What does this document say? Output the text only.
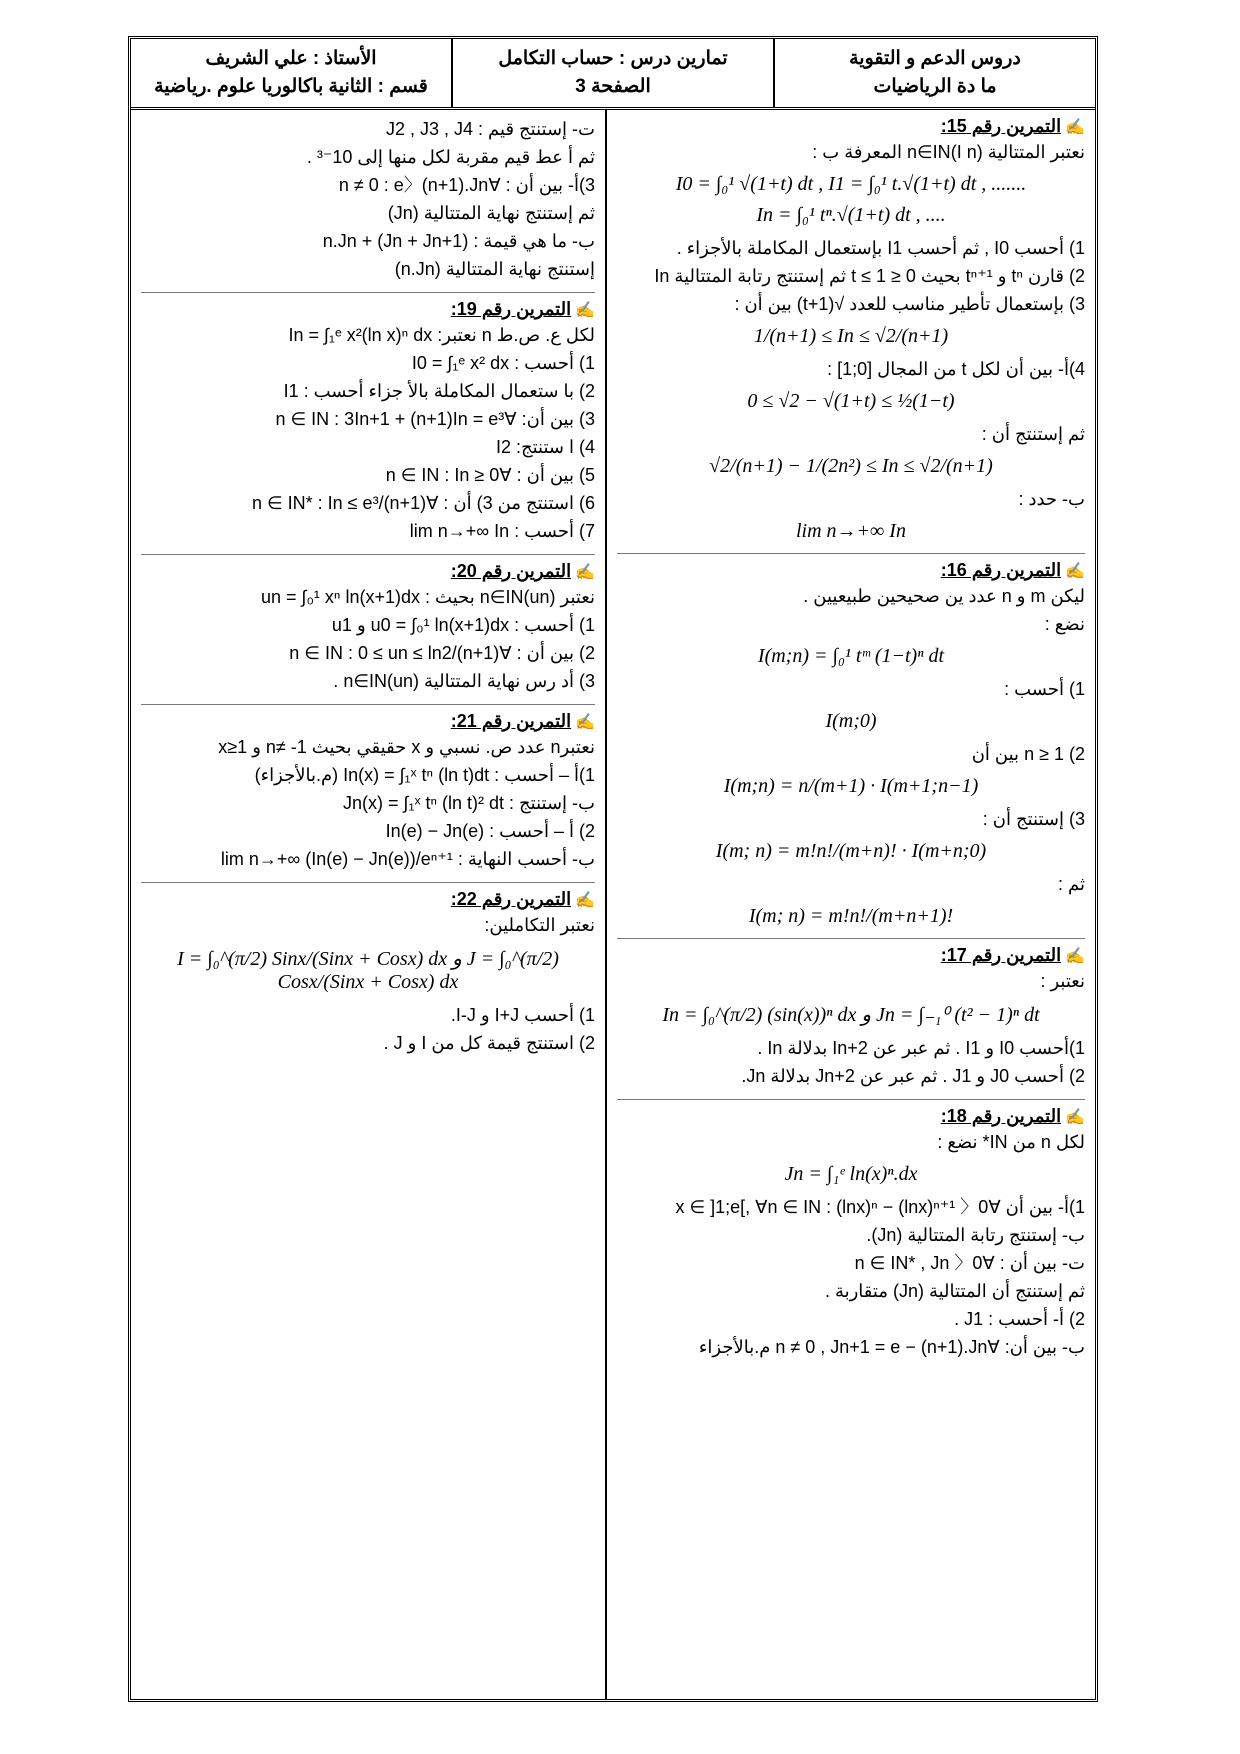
دروس الدعم و التقوية
ما دة الرياضيات
تمارين درس : حساب التكامل
الصفحة 3
الأستاذ : علي الشريف
قسم : الثانية باكالوريا علوم .رياضية
✍التمرين رقم 15:
نعتبر المتتالية (I n)n∈IN المعرفة ب :
I0 = ∫₀¹ √(1+t) dt , I1 = ∫₀¹ t.√(1+t) dt , .......
In = ∫₀¹ tⁿ.√(1+t) dt , ....
1) أحسب I0 , ثم أحسب I1 بإستعمال المكاملة بالأجزاء .
2) قارن tⁿ و tⁿ⁺¹ بحيث 0 ≤ t ≤ 1 ثم إستنتج رتابة المتتالية In
3) بإستعمال تأطير مناسب للعدد √(1+t) بين أن :
1/(n+1) ≤ In ≤ √2/(n+1)
4)أ- بين أن لكل t من المجال [0;1] :
0 ≤ √2 − √(1+t) ≤ ½(1−t)
ثم إستنتج أن :
√2/(n+1) − 1/(2n²) ≤ In ≤ √2/(n+1)
ب- حدد :
lim n→+∞ In
✍التمرين رقم 16:
ليكن m و n عدد ين صحيحين طبيعيين .
نضع :
I(m;n) = ∫₀¹ tᵐ (1−t)ⁿ dt
1) أحسب :
I(m;0)
2) n ≥ 1 بين أن
I(m;n) = n/(m+1) · I(m+1;n−1)
3) إستنتج أن :
I(m; n) = m!n!/(m+n)! · I(m+n;0)
ثم :
I(m; n) = m!n!/(m+n+1)!
✍التمرين رقم 17:
نعتبر :
In = ∫₀^(π/2) (sin(x))ⁿ dx و Jn = ∫₋₁⁰ (t² − 1)ⁿ dt
1)أحسب I0 و I1 . ثم عبر عن In+2 بدلالة In .
2) أحسب J0 و J1 . ثم عبر عن Jn+2 بدلالة Jn.
✍التمرين رقم 18:
لكل n من IN* نضع :
Jn = ∫₁ᵉ ln(x)ⁿ.dx
1)أ- بين أن ∀x ∈ ]1;e[, ∀n ∈ IN : (lnx)ⁿ − (lnx)ⁿ⁺¹ 〉0
ب- إستنتج رتابة المتتالية (Jn).
ت- بين أن : ∀n ∈ IN* , Jn 〉0
ثم إستنتج أن المتتالية (Jn) متقاربة .
2) أ- أحسب : J1 .
ب- بين أن: ∀n ≠ 0 , Jn+1 = e − (n+1).Jn م.بالأجزاء
ت- إستنتج قيم : J2 , J3 , J4
ثم أ عط قيم مقربة لكل منها إلى 10⁻³ .
3)أ- بين أن : ∀n ≠ 0 : e〉(n+1).Jn
ثم إستنتج نهاية المتتالية (Jn)
ب- ما هي قيمة : n.Jn + (Jn + Jn+1)
إستنتج نهاية المتتالية (n.Jn)
✍التمرين رقم 19:
لكل ع. ص.ط n نعتبر: In = ∫₁ᵉ x²(ln x)ⁿ dx
1) أحسب : I0 = ∫₁ᵉ x² dx
2) با ستعمال المكاملة بالأ جزاء أحسب : I1
3) بين أن: ∀n ∈ IN : 3In+1 + (n+1)In = e³
4) ا ستنتج: I2
5) بين أن : ∀n ∈ IN : In ≥ 0
6) استنتج من 3) أن : ∀n ∈ IN* : In ≤ e³/(n+1)
7) أحسب : lim n→+∞ In
✍التمرين رقم 20:
نعتبر (un)n∈IN بحيث : un = ∫₀¹ xⁿ ln(x+1)dx
1) أحسب : u0 = ∫₀¹ ln(x+1)dx و u1
2) بين أن : ∀n ∈ IN : 0 ≤ un ≤ ln2/(n+1)
3) أد رس نهاية المتتالية (un)n∈IN .
✍التمرين رقم 21:
نعتبرn عدد ص. نسبي و x حقيقي بحيث n≠ -1 و x≥1
1)أ – أحسب : In(x) = ∫₁ˣ tⁿ (ln t)dt (م.بالأجزاء)
ب- إستنتج : Jn(x) = ∫₁ˣ tⁿ (ln t)² dt
2) أ – أحسب : In(e) − Jn(e)
ب- أحسب النهاية : lim n→+∞ (In(e) − Jn(e))/eⁿ⁺¹
✍التمرين رقم 22:
نعتبر التكاملين:
I = ∫₀^(π/2) Sinx/(Sinx + Cosx) dx و J = ∫₀^(π/2) Cosx/(Sinx + Cosx) dx
1) أحسب I+J و I-J.
2) استنتج قيمة كل من I و J .
